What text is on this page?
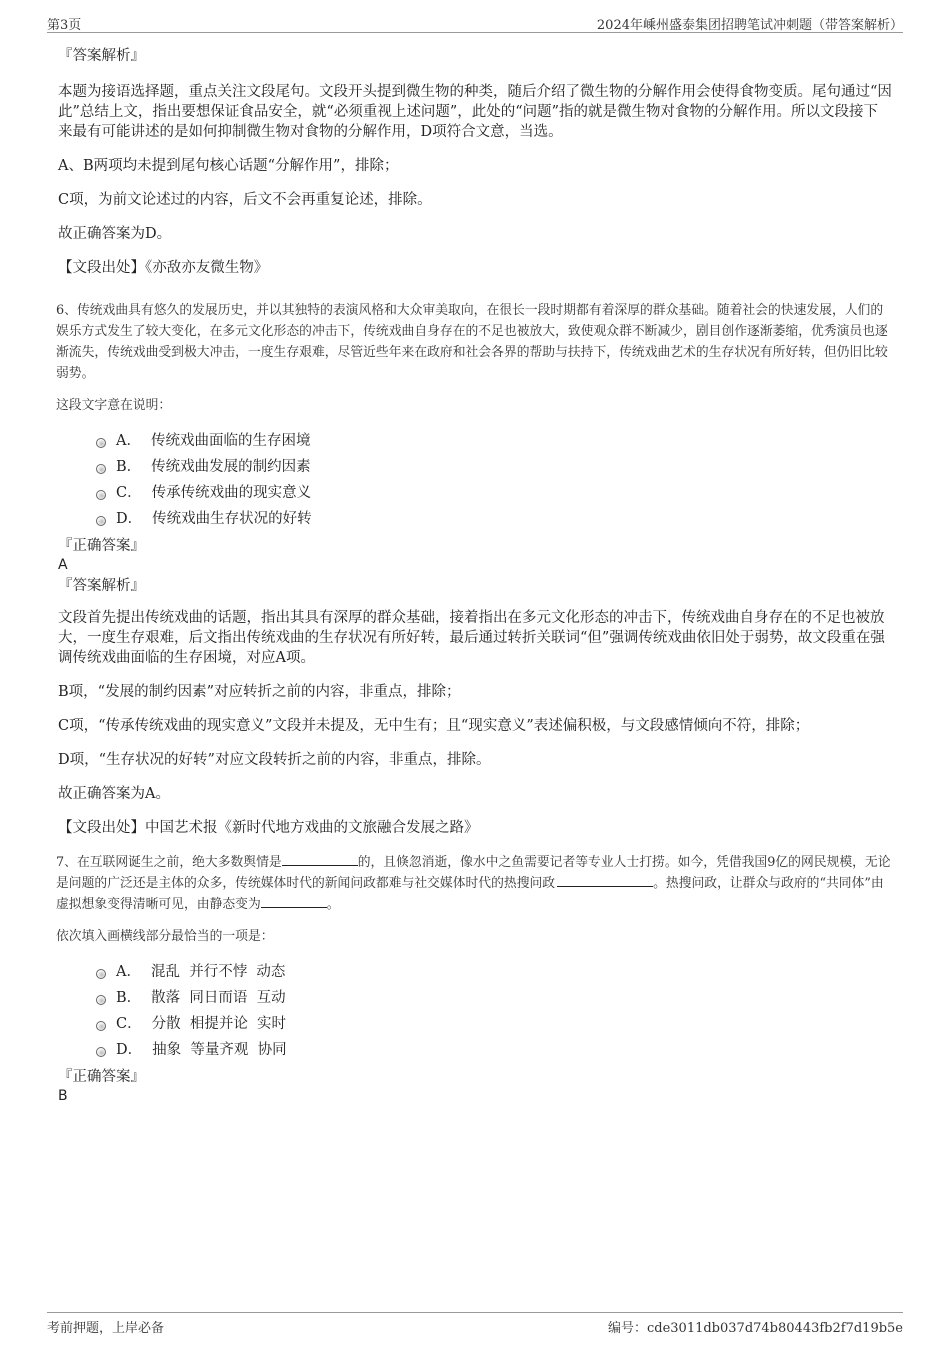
第3页	2024年嵊州盛泰集团招聘笔试冲刺题（带答案解析）

『答案解析』

本题为接语选择题，重点关注文段尾句。文段开头提到微生物的种类，随后介绍了微生物的分解作用会使得食物变质。尾句通过“因此”总结上文，指出要想保证食品安全，就“必须重视上述问题”，此处的“问题”指的就是微生物对食物的分解作用。所以文段接下来最有可能讲述的是如何抑制微生物对食物的分解作用，D项符合文意，当选。

A、B两项均未提到尾句核心话题“分解作用”，排除；

C项，为前文论述过的内容，后文不会再重复论述，排除。

故正确答案为D。

【文段出处】《亦敌亦友微生物》

6、传统戏曲具有悠久的发展历史，并以其独特的表演风格和大众审美取向，在很长一段时期都有着深厚的群众基础。随着社会的快速发展，人们的娱乐方式发生了较大变化，在多元文化形态的冲击下，传统戏曲自身存在的不足也被放大，致使观众群不断减少，剧目创作逐渐萎缩，优秀演员也逐渐流失，传统戏曲受到极大冲击，一度生存艰难，尽管近些年来在政府和社会各界的帮助与扶持下，传统戏曲艺术的生存状况有所好转，但仍旧比较弱势。

这段文字意在说明：

A． 传统戏曲面临的生存困境
B． 传统戏曲发展的制约因素
C． 传承传统戏曲的现实意义
D． 传统戏曲生存状况的好转

『正确答案』

A

『答案解析』

文段首先提出传统戏曲的话题，指出其具有深厚的群众基础，接着指出在多元文化形态的冲击下，传统戏曲自身存在的不足也被放大，一度生存艰难，后文指出传统戏曲的生存状况有所好转，最后通过转折关联词“但”强调传统戏曲依旧处于弱势，故文段重在强调传统戏曲面临的生存困境，对应A项。

B项，“发展的制约因素”对应转折之前的内容，非重点，排除；

C项，“传承传统戏曲的现实意义”文段并未提及，无中生有；且“现实意义”表述偏积极，与文段感情倾向不符，排除；

D项，“生存状况的好转”对应文段转折之前的内容，非重点，排除。

故正确答案为A。

【文段出处】中国艺术报《新时代地方戏曲的文旅融合发展之路》

7、在互联网诞生之前，绝大多数舆情是	的，且倏忽消逝，像水中之鱼需要记者等专业人士打捞。如今，凭借我国9亿的网民规模，无论是问题的广泛还是主体的众多，传统媒体时代的新闻问政都难与社交媒体时代的热搜问政	。热搜问政，让群众与政府的“共同体”由虚拟想象变得清晰可见，由静态变为	。

依次填入画横线部分最恰当的一项是：

A． 混乱  并行不悖  动态
B． 散落  同日而语  互动
C． 分散  相提并论  实时
D． 抽象  等量齐观  协同

『正确答案』

B

考前押题，上岸必备	编号：cde3011db037d74b80443fb2f7d19b5e
